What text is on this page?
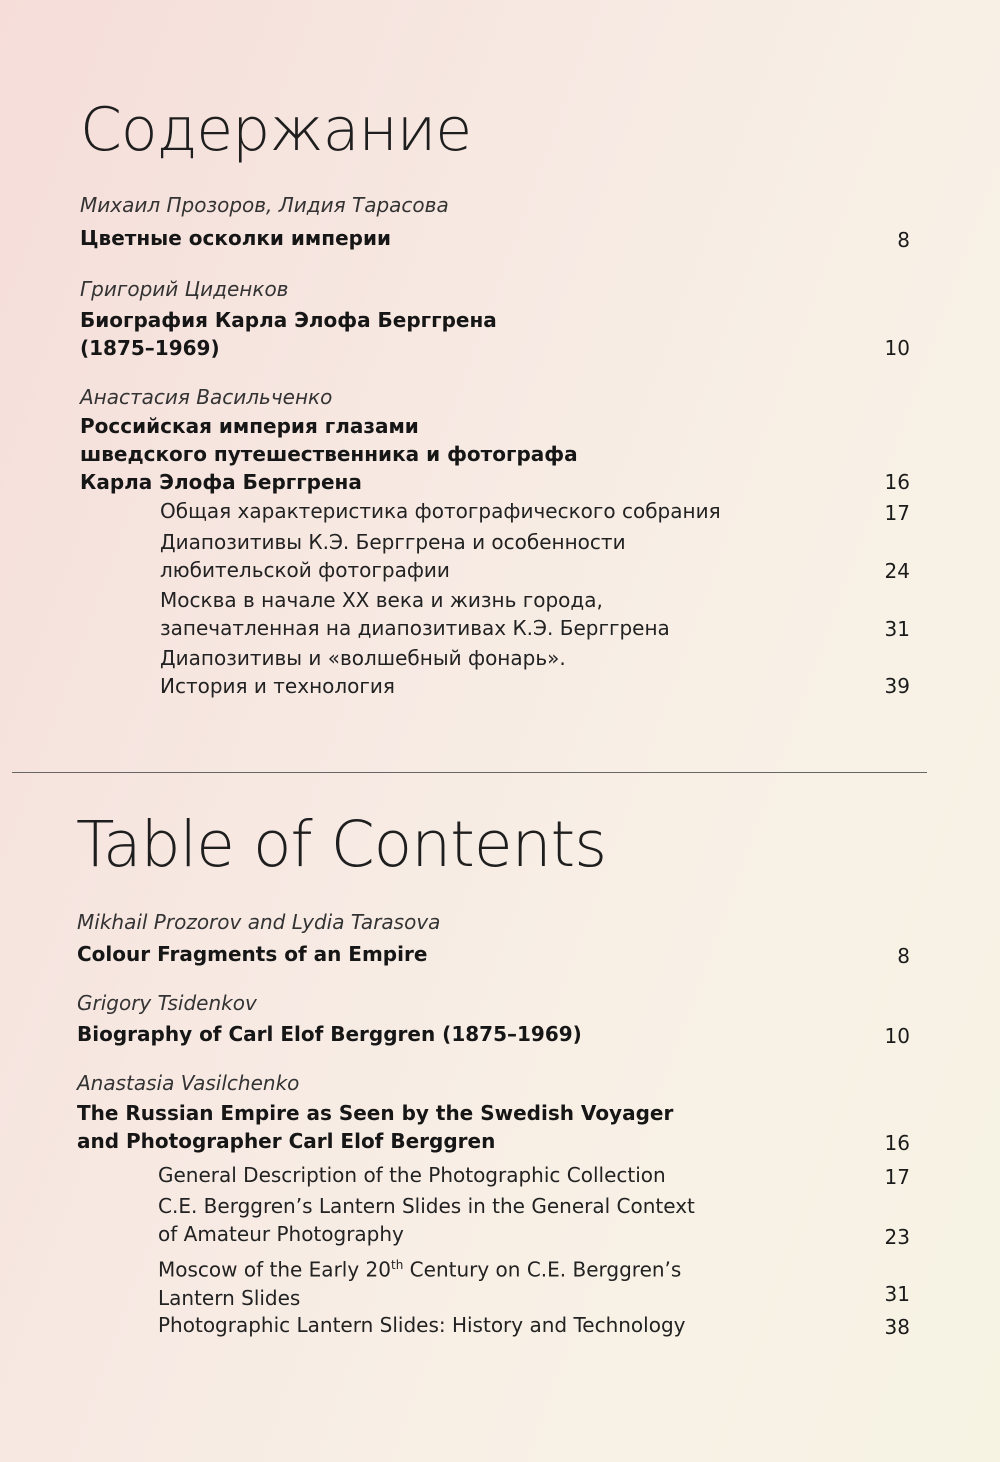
Содержание
Михаил Прозоров, Лидия Тарасова
Цветные осколки империи	8
Григорий Циденков
Биография Карла Элофа Берггрена
(1875–1969)	10
Анастасия Васильченко
Российская империя глазами
шведского путешественника и фотографа
Карла Элофа Берггрена	16
Общая характеристика фотографического собрания	17
Диапозитивы К.Э. Берггрена и особенности
любительской фотографии	24
Москва в начале XX века и жизнь города,
запечатленная на диапозитивах К.Э. Берггрена	31
Диапозитивы и «волшебный фонарь».
История и технология	39
Table of Contents
Mikhail Prozorov and Lydia Tarasova
Colour Fragments of an Empire	8
Grigory Tsidenkov
Biography of Carl Elof Berggren (1875–1969)	10
Anastasia Vasilchenko
The Russian Empire as Seen by the Swedish Voyager
and Photographer Carl Elof Berggren	16
General Description of the Photographic Collection	17
C.E. Berggren’s Lantern Slides in the General Context
of Amateur Photography	23
Moscow of the Early 20th Century on C.E. Berggren’s
Lantern Slides	31
Photographic Lantern Slides: History and Technology	38
